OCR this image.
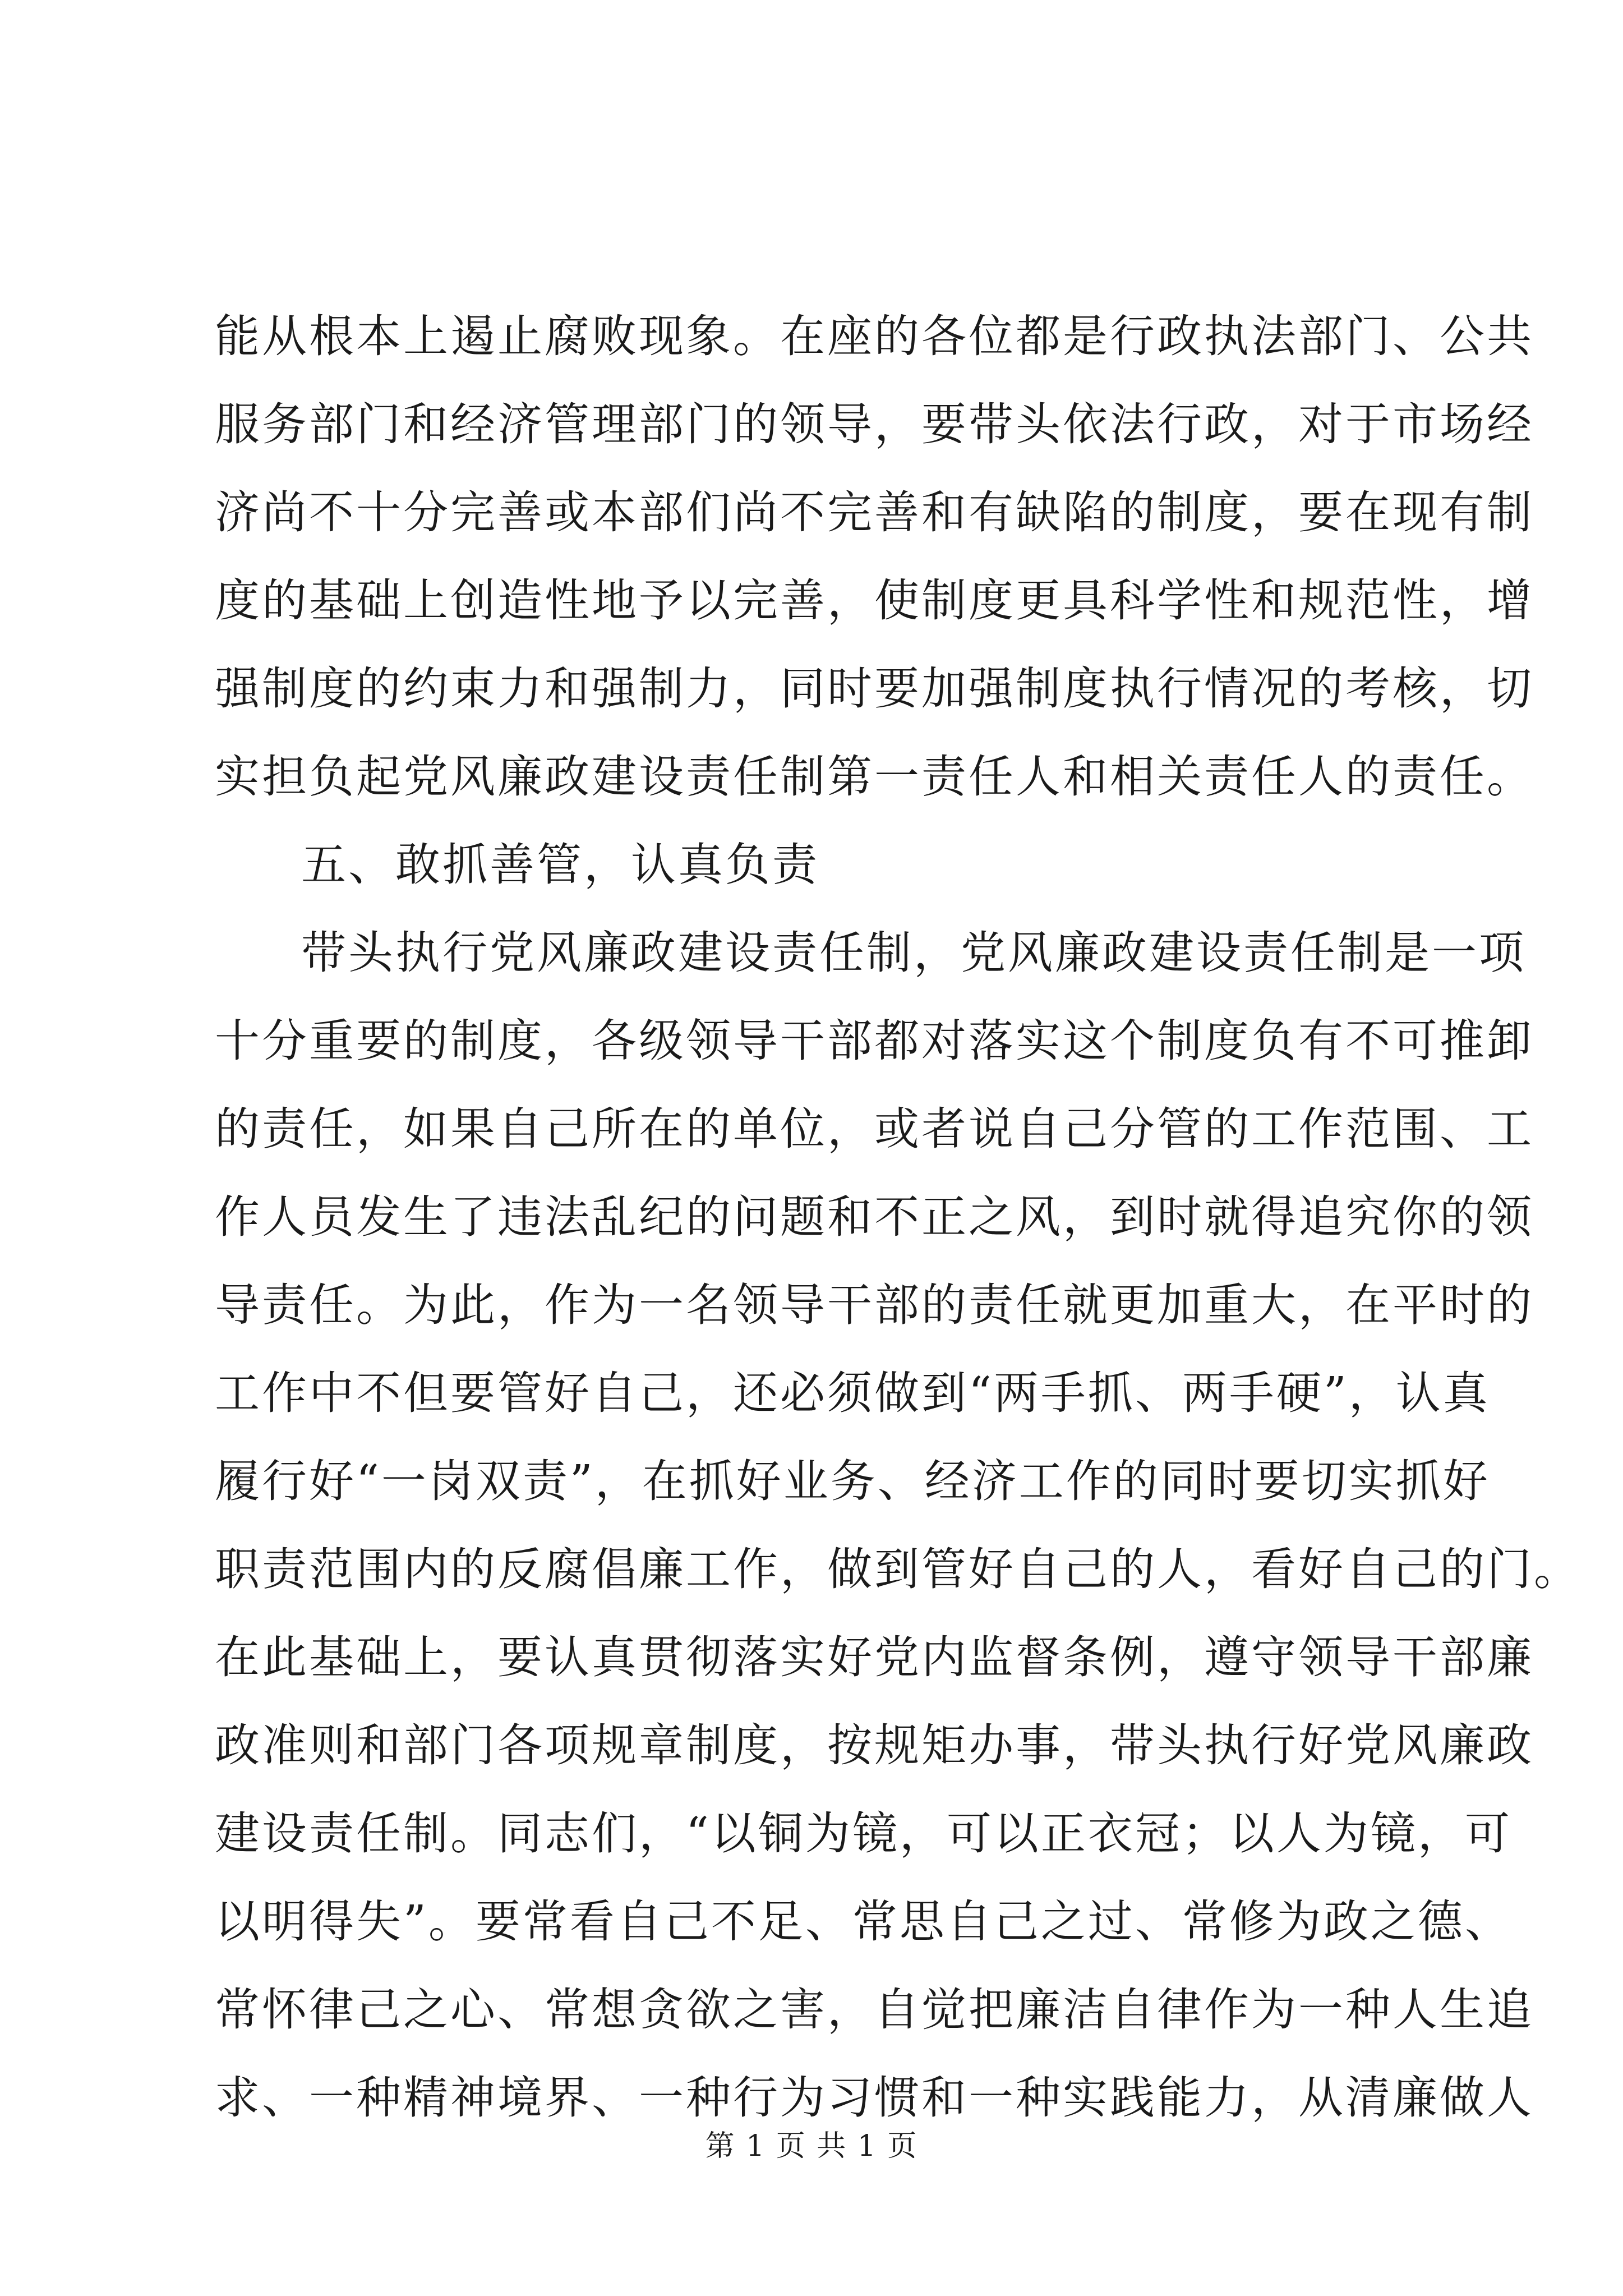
能从根本上遏止腐败现象。在座的各位都是行政执法部门、公共
服务部门和经济管理部门的领导，要带头依法行政，对于市场经
济尚不十分完善或本部们尚不完善和有缺陷的制度，要在现有制
度的基础上创造性地予以完善，使制度更具科学性和规范性，增
强制度的约束力和强制力，同时要加强制度执行情况的考核，切
实担负起党风廉政建设责任制第一责任人和相关责任人的责任。
五、敢抓善管，认真负责
带头执行党风廉政建设责任制，党风廉政建设责任制是一项
十分重要的制度，各级领导干部都对落实这个制度负有不可推卸
的责任，如果自己所在的单位，或者说自己分管的工作范围、工
作人员发生了违法乱纪的问题和不正之风，到时就得追究你的领
导责任。为此，作为一名领导干部的责任就更加重大，在平时的
工作中不但要管好自己，还必须做到“两手抓、两手硬”，认真
履行好“一岗双责”，在抓好业务、经济工作的同时要切实抓好
职责范围内的反腐倡廉工作，做到管好自己的人，看好自己的门。
在此基础上，要认真贯彻落实好党内监督条例，遵守领导干部廉
政准则和部门各项规章制度，按规矩办事，带头执行好党风廉政
建设责任制。同志们，“以铜为镜，可以正衣冠；以人为镜，可
以明得失”。要常看自己不足、常思自己之过、常修为政之德、
常怀律己之心、常想贪欲之害，自觉把廉洁自律作为一种人生追
求、一种精神境界、一种行为习惯和一种实践能力，从清廉做人
第 1 页 共 1 页
